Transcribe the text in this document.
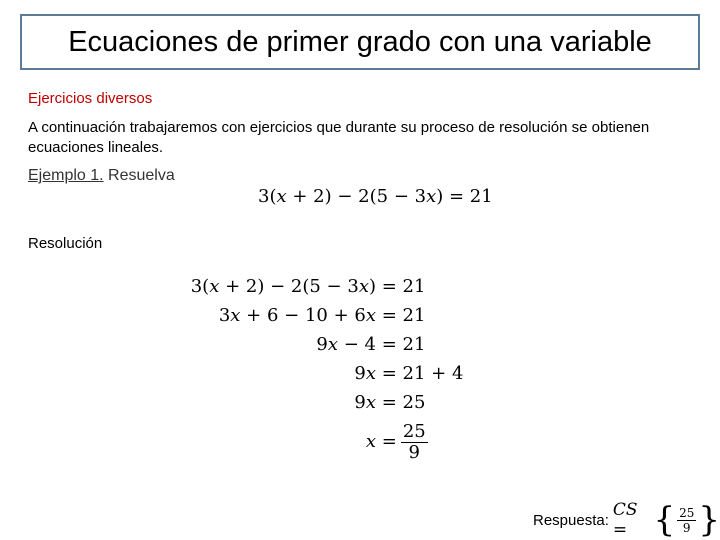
Ecuaciones de primer grado con una variable
Ejercicios diversos
A continuación trabajaremos con ejercicios que durante su proceso de resolución se obtienen ecuaciones lineales.
Ejemplo 1. Resuelva
3(x + 2) − 2(5 − 3x) = 21
Resolución
3(x + 2) − 2(5 − 3x)
3x + 6 − 10 + 6x
9x − 4
9x
9x
x
= 21
= 21
= 21
= 21 + 4
= 25
= $\frac{25}{9}$
Respuesta: CS = { $\frac{25}{9}$ }
